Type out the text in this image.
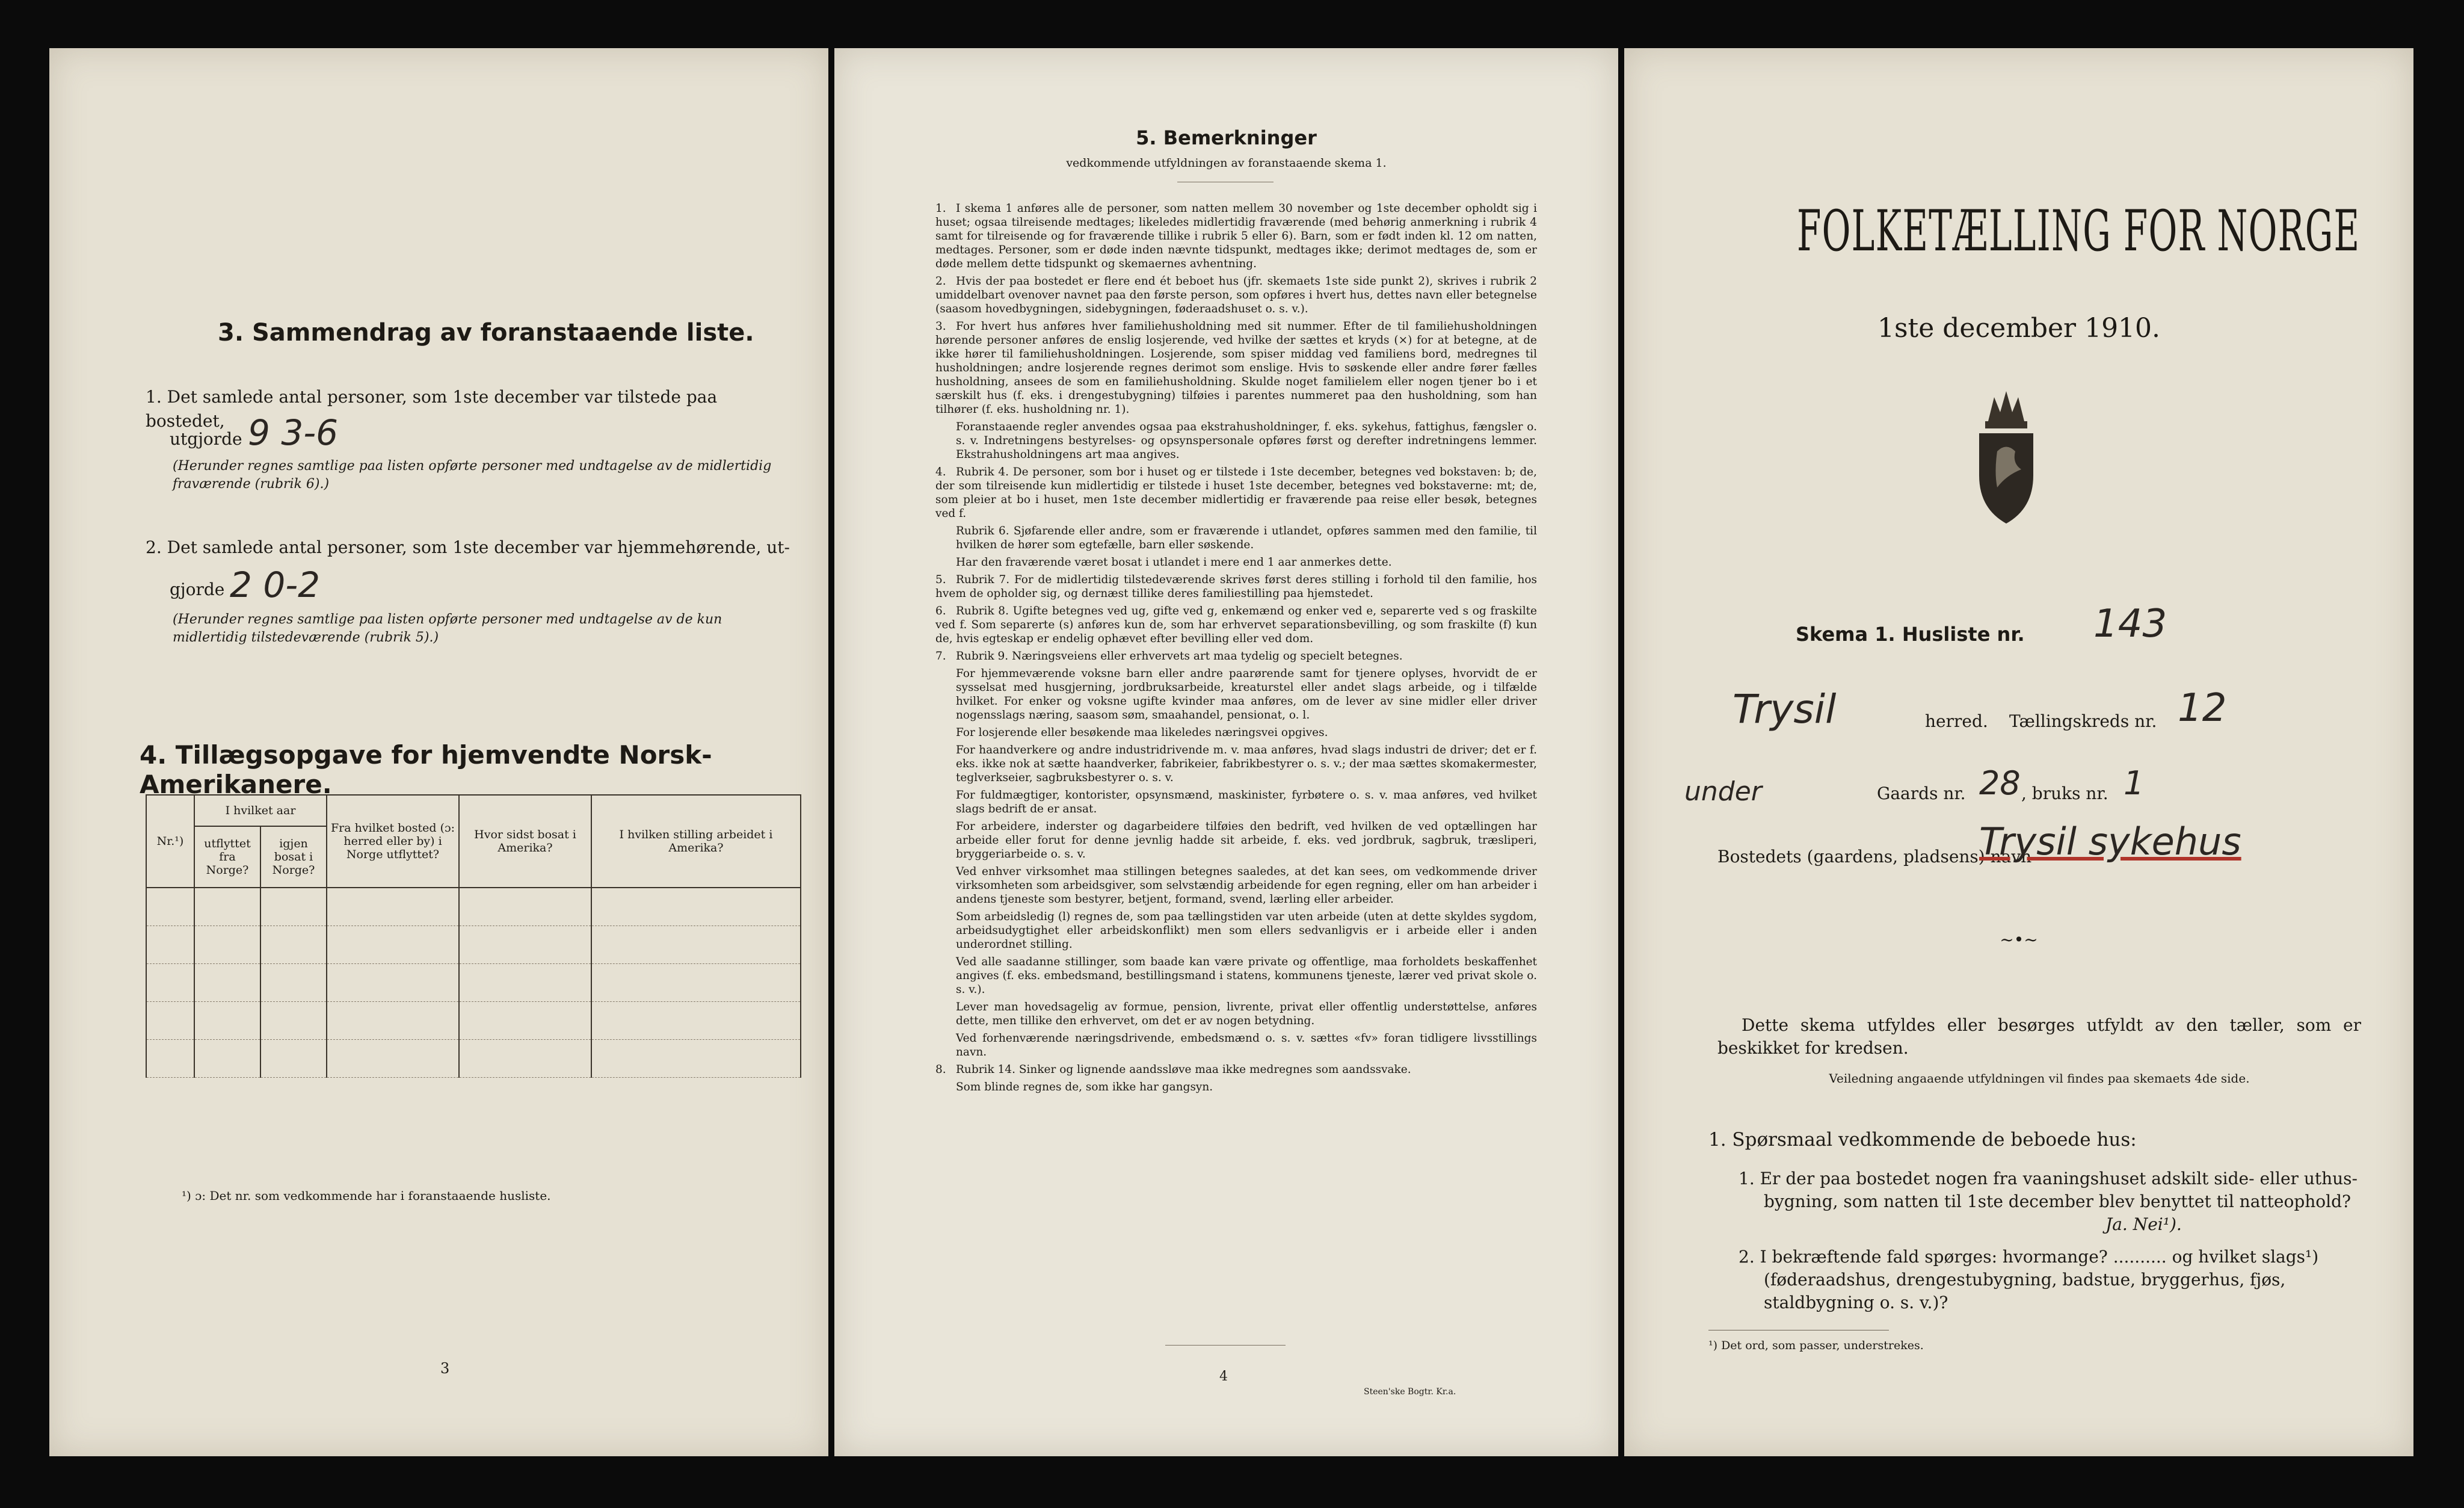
3. Sammendrag av foranstaaende liste.
1. Det samlede antal personer, som 1ste december var tilstede paa bostedet,
utgjorde 9 3-6
(Herunder regnes samtlige paa listen opførte personer med undtagelse av de midlertidig fraværende (rubrik 6).)
2. Det samlede antal personer, som 1ste december var hjemmehørende, ut-
gjorde 2 0-2
(Herunder regnes samtlige paa listen opførte personer med undtagelse av de kun midlertidig tilstedeværende (rubrik 5).)
4. Tillægsopgave for hjemvendte Norsk-Amerikanere.
Nr.¹)	I hvilket aar		Fra hvilket bosted (ɔ: herred eller by) i Norge utflyttet?	Hvor sidst bosat i Amerika?	I hvilken stilling arbeidet i Amerika?
	utflyttet fra Norge?	igjen bosat i Norge?			

¹) ɔ: Det nr. som vedkommende har i foranstaaende husliste.
3
5. Bemerkninger
vedkommende utfyldningen av foranstaaende skema 1.

1. I skema 1 anføres alle de personer, som natten mellem 30 november og 1ste december opholdt sig i huset; ogsaa tilreisende medtages; likeledes midlertidig fraværende (med behørig anmerkning i rubrik 4 samt for tilreisende og for fraværende tillike i rubrik 5 eller 6). Barn, som er født inden kl. 12 om natten, medtages. Personer, som er døde inden nævnte tidspunkt, medtages ikke; derimot medtages de, som er døde mellem dette tidspunkt og skemaernes avhentning.

2. Hvis der paa bostedet er flere end ét beboet hus (jfr. skemaets 1ste side punkt 2), skrives i rubrik 2 umiddelbart ovenover navnet paa den første person, som opføres i hvert hus, dettes navn eller betegnelse (saasom hovedbygningen, sidebygningen, føderaadshuset o. s. v.).

3. For hvert hus anføres hver familiehusholdning med sit nummer. Efter de til familiehusholdningen hørende personer anføres de enslig losjerende, ved hvilke der sættes et kryds (×) for at betegne, at de ikke hører til familiehusholdningen. Losjerende, som spiser middag ved familiens bord, medregnes til husholdningen; andre losjerende regnes derimot som enslige. Hvis to søskende eller andre fører fælles husholdning, ansees de som en familiehusholdning. Skulde noget familielem eller nogen tjener bo i et særskilt hus (f. eks. i drengestubygning) tilføies i parentes nummeret paa den husholdning, som han tilhører (f. eks. husholdning nr. 1).

Foranstaaende regler anvendes ogsaa paa ekstrahusholdninger, f. eks. sykehus, fattighus, fængsler o. s. v. Indretningens bestyrelses- og opsynspersonale opføres først og derefter indretningens lemmer. Ekstrahusholdningens art maa angives.

4. Rubrik 4. De personer, som bor i huset og er tilstede i 1ste december, betegnes ved bokstaven: b; de, der som tilreisende kun midlertidig er tilstede i huset 1ste december, betegnes ved bokstaverne: mt; de, som pleier at bo i huset, men 1ste december midlertidig er fraværende paa reise eller besøk, betegnes ved f.

Rubrik 6. Sjøfarende eller andre, som er fraværende i utlandet, opføres sammen med den familie, til hvilken de hører som egtefælle, barn eller søskende.

Har den fraværende været bosat i utlandet i mere end 1 aar anmerkes dette.

5. Rubrik 7. For de midlertidig tilstedeværende skrives først deres stilling i forhold til den familie, hos hvem de opholder sig, og dernæst tillike deres familiestilling paa hjemstedet.

6. Rubrik 8. Ugifte betegnes ved ug, gifte ved g, enkemænd og enker ved e, separerte ved s og fraskilte ved f. Som separerte (s) anføres kun de, som har erhvervet separationsbevilling, og som fraskilte (f) kun de, hvis egteskap er endelig ophævet efter bevilling eller ved dom.

7. Rubrik 9. Næringsveiens eller erhvervets art maa tydelig og specielt betegnes.

For hjemmeværende voksne barn eller andre paarørende samt for tjenere oplyses, hvorvidt de er sysselsat med husgjerning, jordbruksarbeide, kreaturstel eller andet slags arbeide, og i tilfælde hvilket. For enker og voksne ugifte kvinder maa anføres, om de lever av sine midler eller driver nogensslags næring, saasom søm, smaahandel, pensionat, o. l.

For losjerende eller besøkende maa likeledes næringsvei opgives.

For haandverkere og andre industridrivende m. v. maa anføres, hvad slags industri de driver; det er f. eks. ikke nok at sætte haandverker, fabrikeier, fabrikbestyrer o. s. v.; der maa sættes skomakermester, teglverkseier, sagbruksbestyrer o. s. v.

For fuldmægtiger, kontorister, opsynsmænd, maskinister, fyrbøtere o. s. v. maa anføres, ved hvilket slags bedrift de er ansat.

For arbeidere, inderster og dagarbeidere tilføies den bedrift, ved hvilken de ved optællingen har arbeide eller forut for denne jevnlig hadde sit arbeide, f. eks. ved jordbruk, sagbruk, træsliperi, bryggeriarbeide o. s. v.

Ved enhver virksomhet maa stillingen betegnes saaledes, at det kan sees, om vedkommende driver virksomheten som arbeidsgiver, som selvstændig arbeidende for egen regning, eller om han arbeider i andens tjeneste som bestyrer, betjent, formand, svend, lærling eller arbeider.

Som arbeidsledig (l) regnes de, som paa tællingstiden var uten arbeide (uten at dette skyldes sygdom, arbeidsudygtighet eller arbeidskonflikt) men som ellers sedvanligvis er i arbeide eller i anden underordnet stilling.

Ved alle saadanne stillinger, som baade kan være private og offentlige, maa forholdets beskaffenhet angives (f. eks. embedsmand, bestillingsmand i statens, kommunens tjeneste, lærer ved privat skole o. s. v.).

Lever man hovedsagelig av formue, pension, livrente, privat eller offentlig understøttelse, anføres dette, men tillike den erhvervet, om det er av nogen betydning.

Ved forhenværende næringsdrivende, embedsmænd o. s. v. sættes «fv» foran tidligere livsstillings navn.

8. Rubrik 14. Sinker og lignende aandssløve maa ikke medregnes som aandssvake.

Som blinde regnes de, som ikke har gangsyn.

4
Steen'ske Bogtr. Kr.a.
FOLKETÆLLING FOR NORGE
1ste december 1910.
Skema 1. Husliste nr. 143
Trysil	herred. Tællingskreds nr. 12
under	Gaards nr. 28 , bruks nr. 1
Bostedets (gaardens, pladsens) navn
Trysil sykehus
~•~
Dette skema utfyldes eller besørges utfyldt av den tæller, som er beskikket for kredsen.
Veiledning angaaende utfyldningen vil findes paa skemaets 4de side.
1. Spørsmaal vedkommende de beboede hus:
1. Er der paa bostedet nogen fra vaaningshuset adskilt side- eller uthus-bygning, som natten til 1ste december blev benyttet til natteophold?
Ja. Nei¹).
2. I bekræftende fald spørges: hvormange? .......... og hvilket slags¹) (føderaadshus, drengestubygning, badstue, bryggerhus, fjøs, staldbygning o. s. v.)?
¹) Det ord, som passer, understrekes.
